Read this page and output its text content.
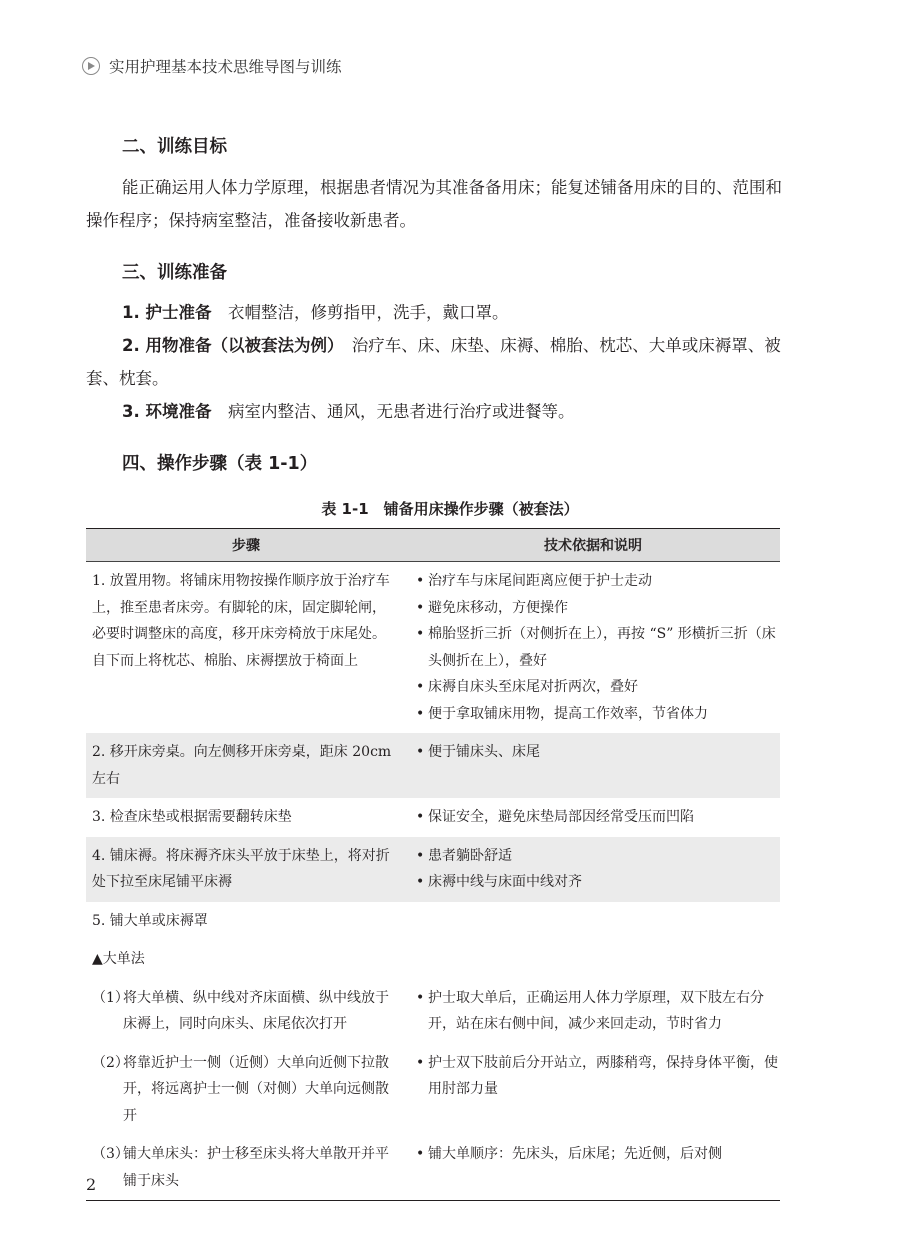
实用护理基本技术思维导图与训练
二、训练目标
能正确运用人体力学原理，根据患者情况为其准备备用床；能复述铺备用床的目的、范围和操作程序；保持病室整洁，准备接收新患者。
三、训练准备
1. 护士准备　 衣帽整洁，修剪指甲，洗手，戴口罩。
2. 用物准备（以被套法为例）　 治疗车、床、床垫、床褥、棉胎、枕芯、大单或床褥罩、被套、枕套。
3. 环境准备　 病室内整洁、通风，无患者进行治疗或进餐等。
四、操作步骤（表 1-1）
表 1-1　铺备用床操作步骤（被套法）
步骤	技术依据和说明
1. 放置用物。将铺床用物按操作顺序放于治疗车上，推至患者床旁。有脚轮的床，固定脚轮闸，必要时调整床的高度，移开床旁椅放于床尾处。自下而上将枕芯、棉胎、床褥摆放于椅面上
• 治疗车与床尾间距离应便于护士走动
• 避免床移动，方便操作
• 棉胎竖折三折（对侧折在上），再按 “S” 形横折三折（床头侧折在上），叠好
• 床褥自床头至床尾对折两次，叠好
• 便于拿取铺床用物，提高工作效率，节省体力
2. 移开床旁桌。向左侧移开床旁桌，距床 20cm 左右
• 便于铺床头、床尾
3. 检查床垫或根据需要翻转床垫
•	保证安全，避免床垫局部因经常受压而凹陷
4. 铺床褥。将床褥齐床头平放于床垫上，将对折处下拉至床尾铺平床褥
• 患者躺卧舒适
• 床褥中线与床面中线对齐
5. 铺大单或床褥罩
▲大单法
（1）
将大单横、纵中线对齐床面横、纵中线放于床褥上，同时向床头、床尾依次打开
• 护士取大单后，正确运用人体力学原理，双下肢左右分开，站在床右侧中间，减少来回走动，节时省力
（2）
将靠近护士一侧（近侧）大单向近侧下拉散开，将远离护士一侧（对侧）大单向远侧散开
• 护士双下肢前后分开站立，两膝稍弯，保持身体平衡，使用肘部力量
（3）
铺大单床头：护士移至床头将大单散开并平铺于床头
• 铺大单顺序：先床头，后床尾；先近侧，后对侧
2
